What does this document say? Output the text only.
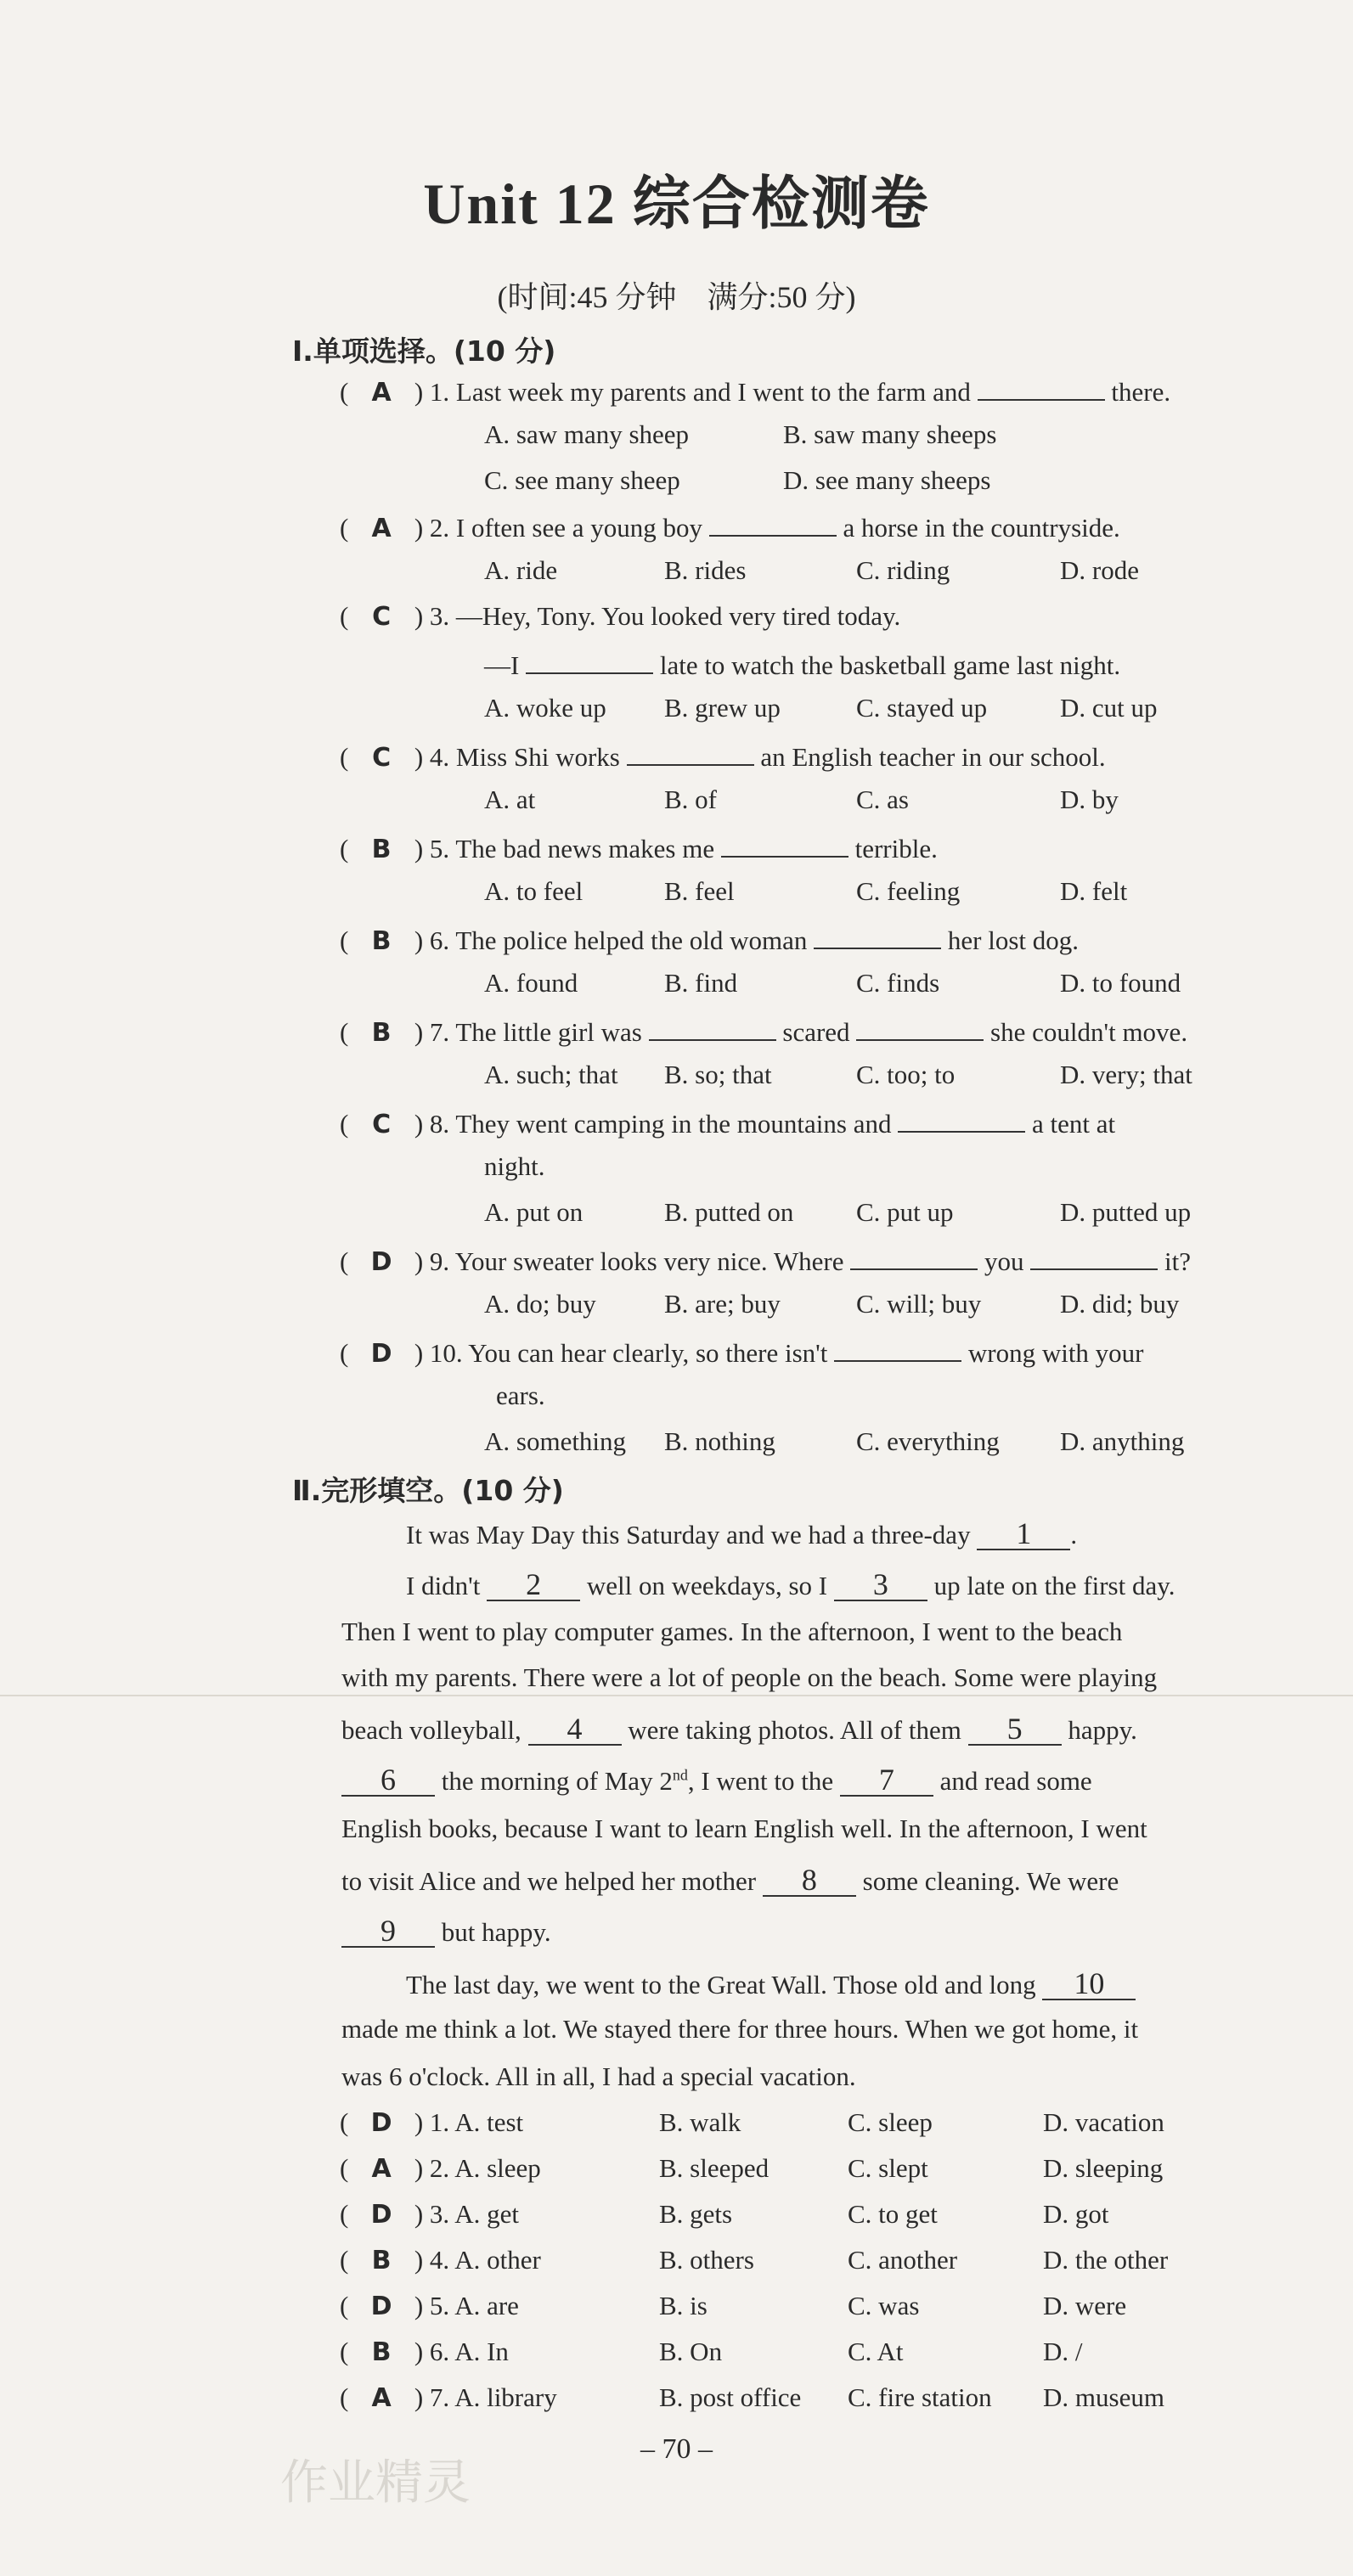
Unit 12 综合检测卷
(时间:45 分钟　满分:50 分)
Ⅰ.单项选择。(10 分)
( A ) 1. Last week my parents and I went to the farm and	there.
A. saw many sheep	B. saw many sheeps
C. see many sheep	D. see many sheeps
( A ) 2. I often see a young boy	a horse in the countryside.
A. ride	B. rides	C. riding	D. rode
( C ) 3. —Hey, Tony. You looked very tired today.
—I	late to watch the basketball game last night.
A. woke up B. grew up	C. stayed up	D. cut up
( C ) 4. Miss Shi works	an English teacher in our school.
A. at	B. of	C. as	D. by
( B ) 5. The bad news makes me	terrible.
A. to feel	B. feel	C. feeling	D. felt
( B ) 6. The police helped the old woman	her lost dog.
A. found	B. find	C. finds	D. to found
( B ) 7. The little girl was	scared	she couldn't move.
A. such; that B. so; that	C. too; to	D. very; that
( C ) 8. They went camping in the mountains and	a tent at
night.
A. put on	B. putted on C. put up	D. putted up
( D ) 9. Your sweater looks very nice. Where	you	it?
A. do; buy	B. are; buy	C. will; buy	D. did; buy
( D ) 10. You can hear clearly, so there isn't	wrong with your
ears.
A. something B. nothing	C. everything D. anything
Ⅱ.完形填空。(10 分)
It was May Day this Saturday and we had a three-day 1 .
I didn't 2 well on weekdays, so I 3 up late on the first day.
Then I went to play computer games. In the afternoon, I went to the beach
with my parents. There were a lot of people on the beach. Some were playing
beach volleyball, 4 were taking photos. All of them 5 happy.
6 the morning of May 2nd, I went to the 7 and read some
English books, because I want to learn English well. In the afternoon, I went
to visit Alice and we helped her mother 8 some cleaning. We were
9 but happy.
The last day, we went to the Great Wall. Those old and long 10
made me think a lot. We stayed there for three hours. When we got home, it
was 6 o'clock. All in all, I had a special vacation.
( D ) 1. A. test	B. walk	C. sleep	D. vacation
( A ) 2. A. sleep	B. sleeped	C. slept	D. sleeping
( D ) 3. A. get	B. gets	C. to get	D. got
( B ) 4. A. other	B. others	C. another	D. the other
( D ) 5. A. are	B. is	C. was	D. were
( B ) 6. A. In	B. On	C. At	D. /
( A ) 7. A. library	B. post office C. fire station D. museum
– 70 –
作业精灵
